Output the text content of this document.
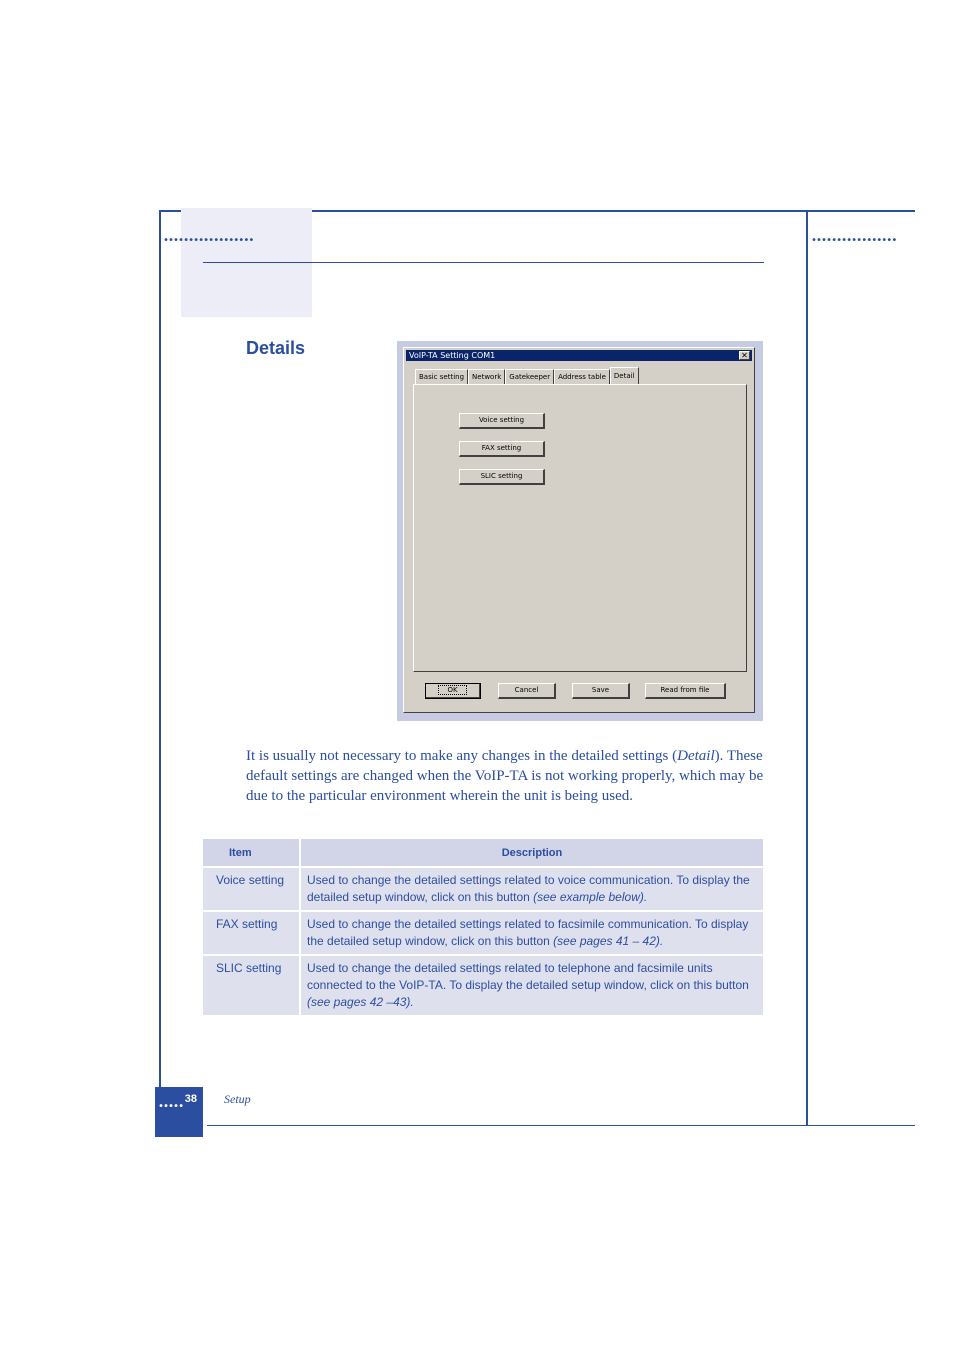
••••••••••••••••••	•••••••••••••••••
Details	VoIP-TA Setting COM1	✕
Basic setting	Network	Gatekeeper	Address table	Detail
Voice setting
FAX setting
SLIC setting
OK	Cancel	Save	Read from file
It is usually not necessary to make any changes in the detailed settings (Detail). These default settings are changed when the VoIP-TA is not working properly, which may be due to the particular environment wherein the unit is being used.
Item	Description
Voice setting	Used to change the detailed settings related to voice communication. To display the detailed setup window, click on this button (see example below).
FAX setting	Used to change the detailed settings related to facsimile communication. To display the detailed setup window, click on this button (see pages 41 – 42).
SLIC setting	Used to change the detailed settings related to telephone and facsimile units connected to the VoIP-TA. To display the detailed setup window, click on this button (see pages 42 –43).
38
•••••
Setup
